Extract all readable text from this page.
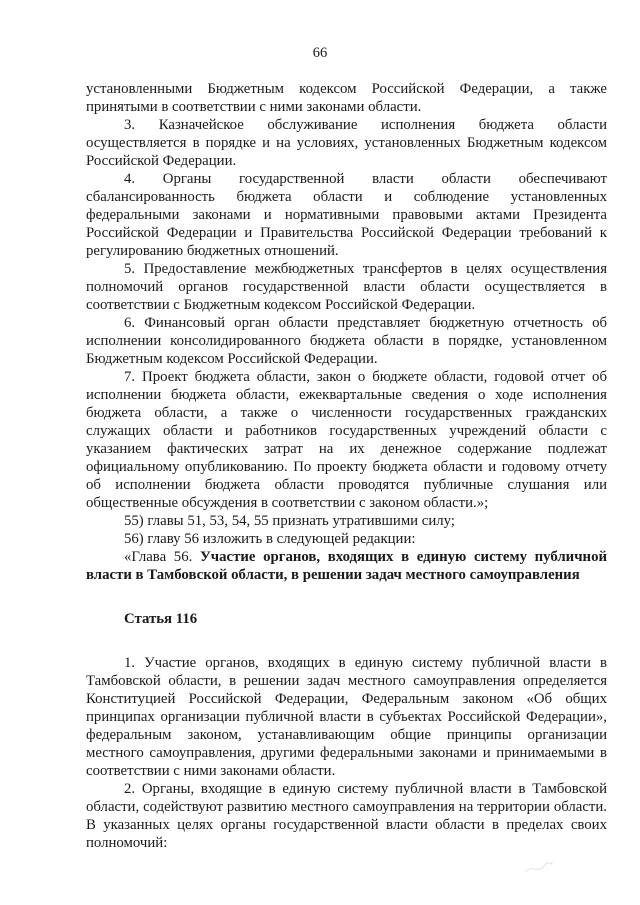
66

установленными Бюджетным кодексом Российской Федерации, а также принятыми в соответствии с ними законами области.

3. Казначейское обслуживание исполнения бюджета области осуществляется в порядке и на условиях, установленных Бюджетным кодексом Российской Федерации.

4. Органы государственной власти области обеспечивают сбалансированность бюджета области и соблюдение установленных федеральными законами и нормативными правовыми актами Президента Российской Федерации и Правительства Российской Федерации требований к регулированию бюджетных отношений.

5. Предоставление межбюджетных трансфертов в целях осуществления полномочий органов государственной власти области осуществляется в соответствии с Бюджетным кодексом Российской Федерации.

6. Финансовый орган области представляет бюджетную отчетность об исполнении консолидированного бюджета области в порядке, установленном Бюджетным кодексом Российской Федерации.

7. Проект бюджета области, закон о бюджете области, годовой отчет об исполнении бюджета области, ежеквартальные сведения о ходе исполнения бюджета области, а также о численности государственных гражданских служащих области и работников государственных учреждений области с указанием фактических затрат на их денежное содержание подлежат официальному опубликованию. По проекту бюджета области и годовому отчету об исполнении бюджета области проводятся публичные слушания или общественные обсуждения в соответствии с законом области.»;

55) главы 51, 53, 54, 55 признать утратившими силу;

56) главу 56 изложить в следующей редакции:

«Глава 56. Участие органов, входящих в единую систему публичной власти в Тамбовской области, в решении задач местного самоуправления

Статья 116

1. Участие органов, входящих в единую систему публичной власти в Тамбовской области, в решении задач местного самоуправления определяется Конституцией Российской Федерации, Федеральным законом «Об общих принципах организации публичной власти в субъектах Российской Федерации», федеральным законом, устанавливающим общие принципы организации местного самоуправления, другими федеральными законами и принимаемыми в соответствии с ними законами области.

2. Органы, входящие в единую систему публичной власти в Тамбовской области, содействуют развитию местного самоуправления на территории области. В указанных целях органы государственной власти области в пределах своих полномочий:
